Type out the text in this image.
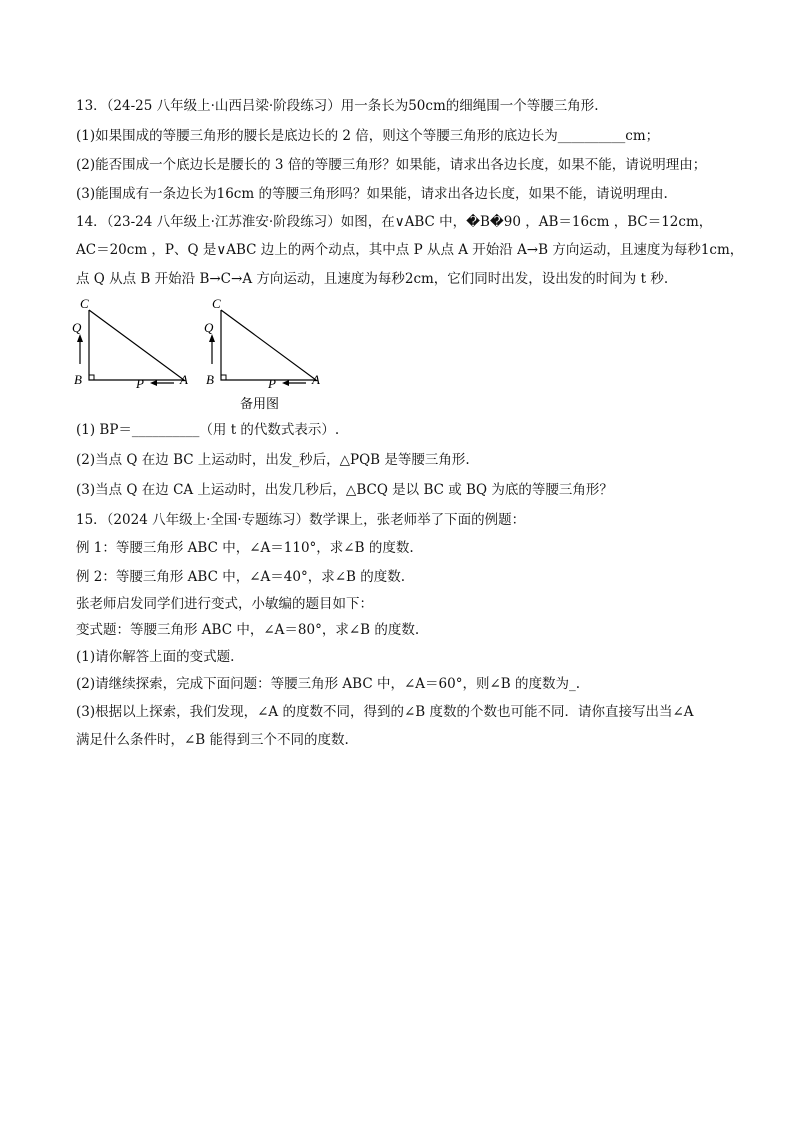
13．（24-25 八年级上·山西吕梁·阶段练习）用一条长为50cm的细绳围一个等腰三角形.
(1)如果围成的等腰三角形的腰长是底边长的 2 倍，则这个等腰三角形的底边长为__________cm；
(2)能否围成一个底边长是腰长的 3 倍的等腰三角形？如果能，请求出各边长度，如果不能，请说明理由；
(3)能围成有一条边长为16cm 的等腰三角形吗？如果能，请求出各边长度，如果不能，请说明理由.
14．（23-24 八年级上·江苏淮安·阶段练习）如图，在∨ABC 中，�B�90 ，AB＝16cm ，BC＝12cm，
AC＝20cm ，P、Q 是∨ABC 边上的两个动点，其中点 P 从点 A 开始沿 A→B 方向运动，且速度为每秒1cm，
点 Q 从点 B 开始沿 B→C→A 方向运动，且速度为每秒2cm，它们同时出发，设出发的时间为 t 秒.
C
Q
B	P	A
C
Q
B	P	A
备用图
(1) BP＝__________（用 t 的代数式表示）.
(2)当点 Q 在边 BC 上运动时，出发_秒后，△PQB 是等腰三角形.
(3)当点 Q 在边 CA 上运动时，出发几秒后，△BCQ 是以 BC 或 BQ 为底的等腰三角形？
15．（2024 八年级上·全国·专题练习）数学课上，张老师举了下面的例题：
例 1：等腰三角形 ABC 中，∠A＝110°，求∠B 的度数.
例 2：等腰三角形 ABC 中，∠A＝40°，求∠B 的度数.
张老师启发同学们进行变式，小敏编的题目如下：
变式题：等腰三角形 ABC 中，∠A＝80°，求∠B 的度数.
(1)请你解答上面的变式题.
(2)请继续探索，完成下面问题：等腰三角形 ABC 中，∠A＝60°，则∠B 的度数为_.
(3)根据以上探索，我们发现，∠A 的度数不同，得到的∠B 度数的个数也可能不同．请你直接写出当∠A
满足什么条件时，∠B 能得到三个不同的度数.
